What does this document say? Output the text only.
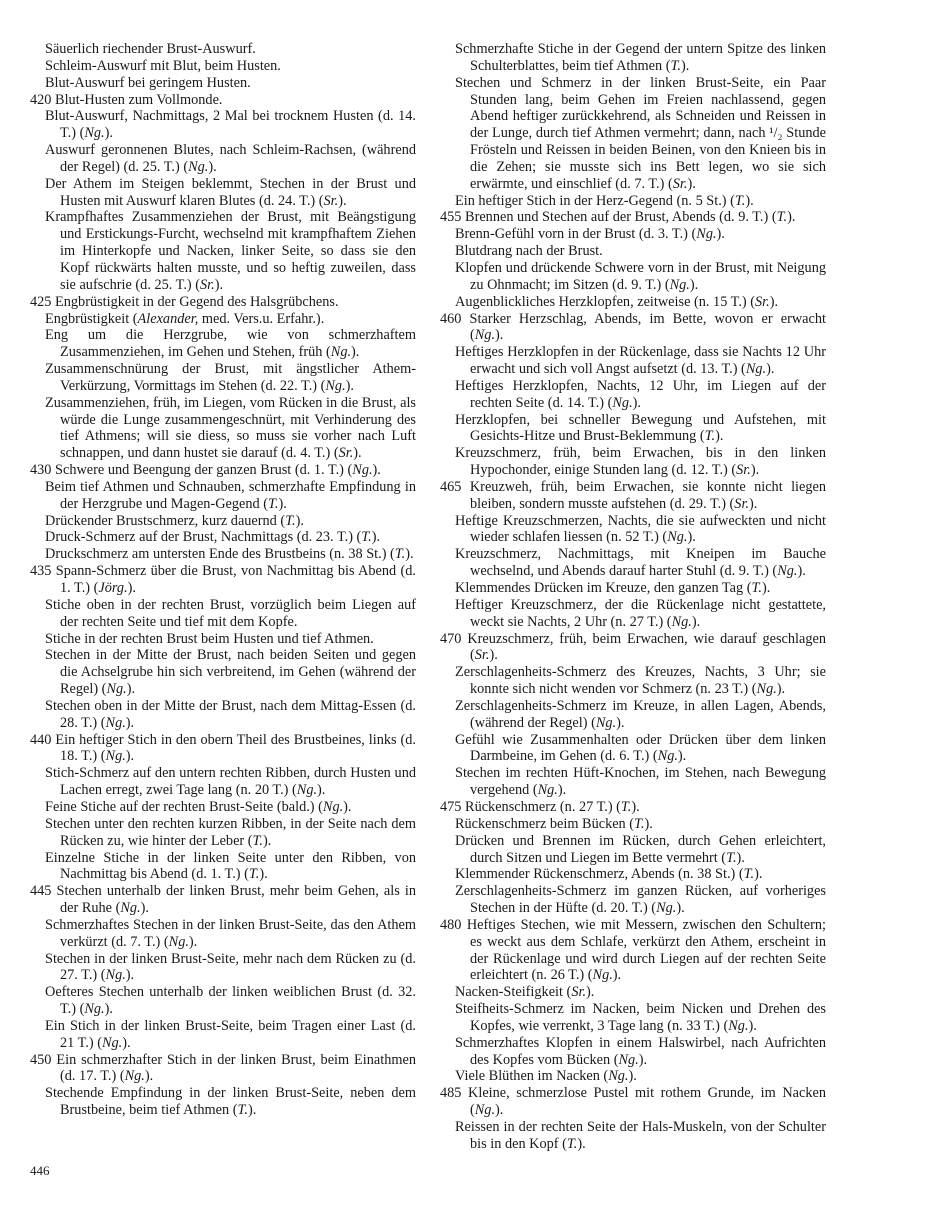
Säuerlich riechender Brust-Auswurf.
Schleim-Auswurf mit Blut, beim Husten.
Blut-Auswurf bei geringem Husten.
420 Blut-Husten zum Vollmonde.
Blut-Auswurf, Nachmittags, 2 Mal bei trocknem Husten (d. 14. T.) (Ng.).
Auswurf geronnenen Blutes, nach Schleim-Rachsen, (während der Regel) (d. 25. T.) (Ng.).
Der Athem im Steigen beklemmt, Stechen in der Brust und Husten mit Auswurf klaren Blutes (d. 24. T.) (Sr.).
Krampfhaftes Zusammenziehen der Brust, mit Beängstigung und Erstickungs-Furcht, wechselnd mit krampfhaftem Ziehen im Hinterkopfe und Nacken, linker Seite, so dass sie den Kopf rückwärts halten musste, und so heftig zuweilen, dass sie aufschrie (d. 25. T.) (Sr.).
425 Engbrüstigkeit in der Gegend des Halsgrübchens.
Engbrüstigkeit (Alexander, med. Vers.u. Erfahr.).
Eng um die Herzgrube, wie von schmerzhaftem Zusammenziehen, im Gehen und Stehen, früh (Ng.).
Zusammenschnürung der Brust, mit ängstlicher Athem-Verkürzung, Vormittags im Stehen (d. 22. T.) (Ng.).
Zusammenziehen, früh, im Liegen, vom Rücken in die Brust, als würde die Lunge zusammengeschnürt, mit Verhinderung des tief Athmens; will sie diess, so muss sie vorher nach Luft schnappen, und dann hustet sie darauf (d. 4. T.) (Sr.).
430 Schwere und Beengung der ganzen Brust (d. 1. T.) (Ng.).
Beim tief Athmen und Schnauben, schmerzhafte Empfindung in der Herzgrube und Magen-Gegend (T.).
Drückender Brustschmerz, kurz dauernd (T.).
Druck-Schmerz auf der Brust, Nachmittags (d. 23. T.) (T.).
Druckschmerz am untersten Ende des Brustbeins (n. 38 St.) (T.).
435 Spann-Schmerz über die Brust, von Nachmittag bis Abend (d. 1. T.) (Jörg.).
Stiche oben in der rechten Brust, vorzüglich beim Liegen auf der rechten Seite und tief mit dem Kopfe.
Stiche in der rechten Brust beim Husten und tief Athmen.
Stechen in der Mitte der Brust, nach beiden Seiten und gegen die Achselgrube hin sich verbreitend, im Gehen (während der Regel) (Ng.).
Stechen oben in der Mitte der Brust, nach dem Mittag-Essen (d. 28. T.) (Ng.).
440 Ein heftiger Stich in den obern Theil des Brustbeines, links (d. 18. T.) (Ng.).
Stich-Schmerz auf den untern rechten Ribben, durch Husten und Lachen erregt, zwei Tage lang (n. 20 T.) (Ng.).
Feine Stiche auf der rechten Brust-Seite (bald.) (Ng.).
Stechen unter den rechten kurzen Ribben, in der Seite nach dem Rücken zu, wie hinter der Leber (T.).
Einzelne Stiche in der linken Seite unter den Ribben, von Nachmittag bis Abend (d. 1. T.) (T.).
445 Stechen unterhalb der linken Brust, mehr beim Gehen, als in der Ruhe (Ng.).
Schmerzhaftes Stechen in der linken Brust-Seite, das den Athem verkürzt (d. 7. T.) (Ng.).
Stechen in der linken Brust-Seite, mehr nach dem Rücken zu (d. 27. T.) (Ng.).
Oefteres Stechen unterhalb der linken weiblichen Brust (d. 32. T.) (Ng.).
Ein Stich in der linken Brust-Seite, beim Tragen einer Last (d. 21 T.) (Ng.).
450 Ein schmerzhafter Stich in der linken Brust, beim Einathmen (d. 17. T.) (Ng.).
Stechende Empfindung in der linken Brust-Seite, neben dem Brustbeine, beim tief Athmen (T.).
Schmerzhafte Stiche in der Gegend der untern Spitze des linken Schulterblattes, beim tief Athmen (T.).
Stechen und Schmerz in der linken Brust-Seite, ein Paar Stunden lang, beim Gehen im Freien nachlassend, gegen Abend heftiger zurückkehrend, als Schneiden und Reissen in der Lunge, durch tief Athmen vermehrt; dann, nach ¹/₂ Stunde Frösteln und Reissen in beiden Beinen, von den Knieen bis in die Zehen; sie musste sich ins Bett legen, wo sie sich erwärmte, und einschlief (d. 7. T.) (Sr.).
Ein heftiger Stich in der Herz-Gegend (n. 5 St.) (T.).
455 Brennen und Stechen auf der Brust, Abends (d. 9. T.) (T.).
Brenn-Gefühl vorn in der Brust (d. 3. T.) (Ng.).
Blutdrang nach der Brust.
Klopfen und drückende Schwere vorn in der Brust, mit Neigung zu Ohnmacht; im Sitzen (d. 9. T.) (Ng.).
Augenblickliches Herzklopfen, zeitweise (n. 15 T.) (Sr.).
460 Starker Herzschlag, Abends, im Bette, wovon er erwacht (Ng.).
Heftiges Herzklopfen in der Rückenlage, dass sie Nachts 12 Uhr erwacht und sich voll Angst aufsetzt (d. 13. T.) (Ng.).
Heftiges Herzklopfen, Nachts, 12 Uhr, im Liegen auf der rechten Seite (d. 14. T.) (Ng.).
Herzklopfen, bei schneller Bewegung und Aufstehen, mit Gesichts-Hitze und Brust-Beklemmung (T.).
Kreuzschmerz, früh, beim Erwachen, bis in den linken Hypochonder, einige Stunden lang (d. 12. T.) (Sr.).
465 Kreuzweh, früh, beim Erwachen, sie konnte nicht liegen bleiben, sondern musste aufstehen (d. 29. T.) (Sr.).
Heftige Kreuzschmerzen, Nachts, die sie aufweckten und nicht wieder schlafen liessen (n. 52 T.) (Ng.).
Kreuzschmerz, Nachmittags, mit Kneipen im Bauche wechselnd, und Abends darauf harter Stuhl (d. 9. T.) (Ng.).
Klemmendes Drücken im Kreuze, den ganzen Tag (T.).
Heftiger Kreuzschmerz, der die Rückenlage nicht gestattete, weckt sie Nachts, 2 Uhr (n. 27 T.) (Ng.).
470 Kreuzschmerz, früh, beim Erwachen, wie darauf geschlagen (Sr.).
Zerschlagenheits-Schmerz des Kreuzes, Nachts, 3 Uhr; sie konnte sich nicht wenden vor Schmerz (n. 23 T.) (Ng.).
Zerschlagenheits-Schmerz im Kreuze, in allen Lagen, Abends, (während der Regel) (Ng.).
Gefühl wie Zusammenhalten oder Drücken über dem linken Darmbeine, im Gehen (d. 6. T.) (Ng.).
Stechen im rechten Hüft-Knochen, im Stehen, nach Bewegung vergehend (Ng.).
475 Rückenschmerz (n. 27 T.) (T.).
Rückenschmerz beim Bücken (T.).
Drücken und Brennen im Rücken, durch Gehen erleichtert, durch Sitzen und Liegen im Bette vermehrt (T.).
Klemmender Rückenschmerz, Abends (n. 38 St.) (T.).
Zerschlagenheits-Schmerz im ganzen Rücken, auf vorheriges Stechen in der Hüfte (d. 20. T.) (Ng.).
480 Heftiges Stechen, wie mit Messern, zwischen den Schultern; es weckt aus dem Schlafe, verkürzt den Athem, erscheint in der Rückenlage und wird durch Liegen auf der rechten Seite erleichtert (n. 26 T.) (Ng.).
Nacken-Steifigkeit (Sr.).
Steifheits-Schmerz im Nacken, beim Nicken und Drehen des Kopfes, wie verrenkt, 3 Tage lang (n. 33 T.) (Ng.).
Schmerzhaftes Klopfen in einem Halswirbel, nach Aufrichten des Kopfes vom Bücken (Ng.).
Viele Blüthen im Nacken (Ng.).
485 Kleine, schmerzlose Pustel mit rothem Grunde, im Nacken (Ng.).
Reissen in der rechten Seite der Hals-Muskeln, von der Schulter bis in den Kopf (T.).
446
